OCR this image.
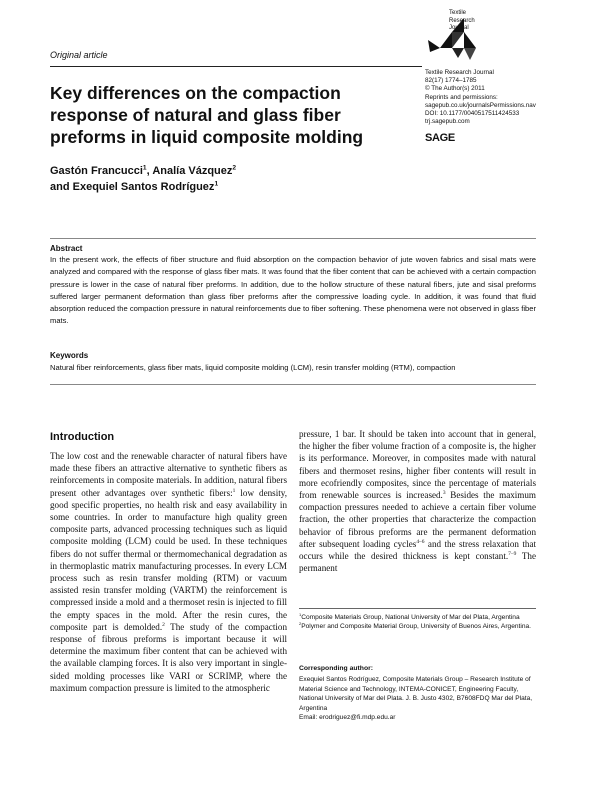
Original article
Textile
Research
Journal
Textile Research Journal
82(17) 1774–1785
© The Author(s) 2011
Reprints and permissions:
sagepub.co.uk/journalsPermissions.nav
DOI: 10.1177/0040517511424533
trj.sagepub.com
SAGE
Key differences on the compaction response of natural and glass fiber preforms in liquid composite molding
Gastón Francucci$^1$, Analía Vázquez$^2$
and Exequiel Santos Rodríguez$^1$
Abstract
In the present work, the effects of fiber structure and fluid absorption on the compaction behavior of jute woven fabrics and sisal mats were analyzed and compared with the response of glass fiber mats. It was found that the fiber content that can be achieved with a certain compaction pressure is lower in the case of natural fiber preforms. In addition, due to the hollow structure of these natural fibers, jute and sisal preforms suffered larger permanent deformation than glass fiber preforms after the compressive loading cycle. In addition, it was found that fluid absorption reduced the compaction pressure in natural reinforcements due to fiber softening. These phenomena were not observed in glass fiber mats.
Keywords
Natural fiber reinforcements, glass fiber mats, liquid composite molding (LCM), resin transfer molding (RTM), compaction
Introduction

The low cost and the renewable character of natural fibers have made these fibers an attractive alternative to synthetic fibers as reinforcements in composite materials. In addition, natural fibers present other advantages over synthetic fibers:$^1$ low density, good specific properties, no health risk and easy availability in some countries. In order to manufacture high quality green composite parts, advanced processing techniques such as liquid composite molding (LCM) could be used. In these techniques fibers do not suffer thermal or thermomechanical degradation as in thermoplastic matrix manufacturing processes. In every LCM process such as resin transfer molding (RTM) or vacuum assisted resin transfer molding (VARTM) the reinforcement is compressed inside a mold and a thermoset resin is injected to fill the empty spaces in the mold. After the resin cures, the composite part is demolded.$^2$ The study of the compaction response of fibrous preforms is important because it will determine the maximum fiber content that can be achieved with the available clamping forces. It is also very important in single-sided molding processes like VARI or SCRIMP, where the maximum compaction pressure is limited to the atmospheric

pressure, 1 bar. It should be taken into account that in general, the higher the fiber volume fraction of a composite is, the higher is its performance. Moreover, in composites made with natural fibers and thermoset resins, higher fiber contents will result in more ecofriendly composites, since the percentage of materials from renewable sources is increased.$^3$ Besides the maximum compaction pressures needed to achieve a certain fiber volume fraction, the other properties that characterize the compaction behavior of fibrous preforms are the permanent deformation after subsequent loading cycles$^{4-6}$ and the stress relaxation that occurs while the desired thickness is kept constant.$^{7-9}$ The permanent

$^1$Composite Materials Group, National University of Mar del Plata, Argentina
$^2$Polymer and Composite Material Group, University of Buenos Aires, Argentina.
Corresponding author:
Exequiel Santos Rodríguez, Composite Materials Group – Research Institute of Material Science and Technology, INTEMA-CONICET, Engineering Faculty, National University of Mar del Plata. J. B. Justo 4302, B7608FDQ Mar del Plata, Argentina
Email: erodriguez@fi.mdp.edu.ar
